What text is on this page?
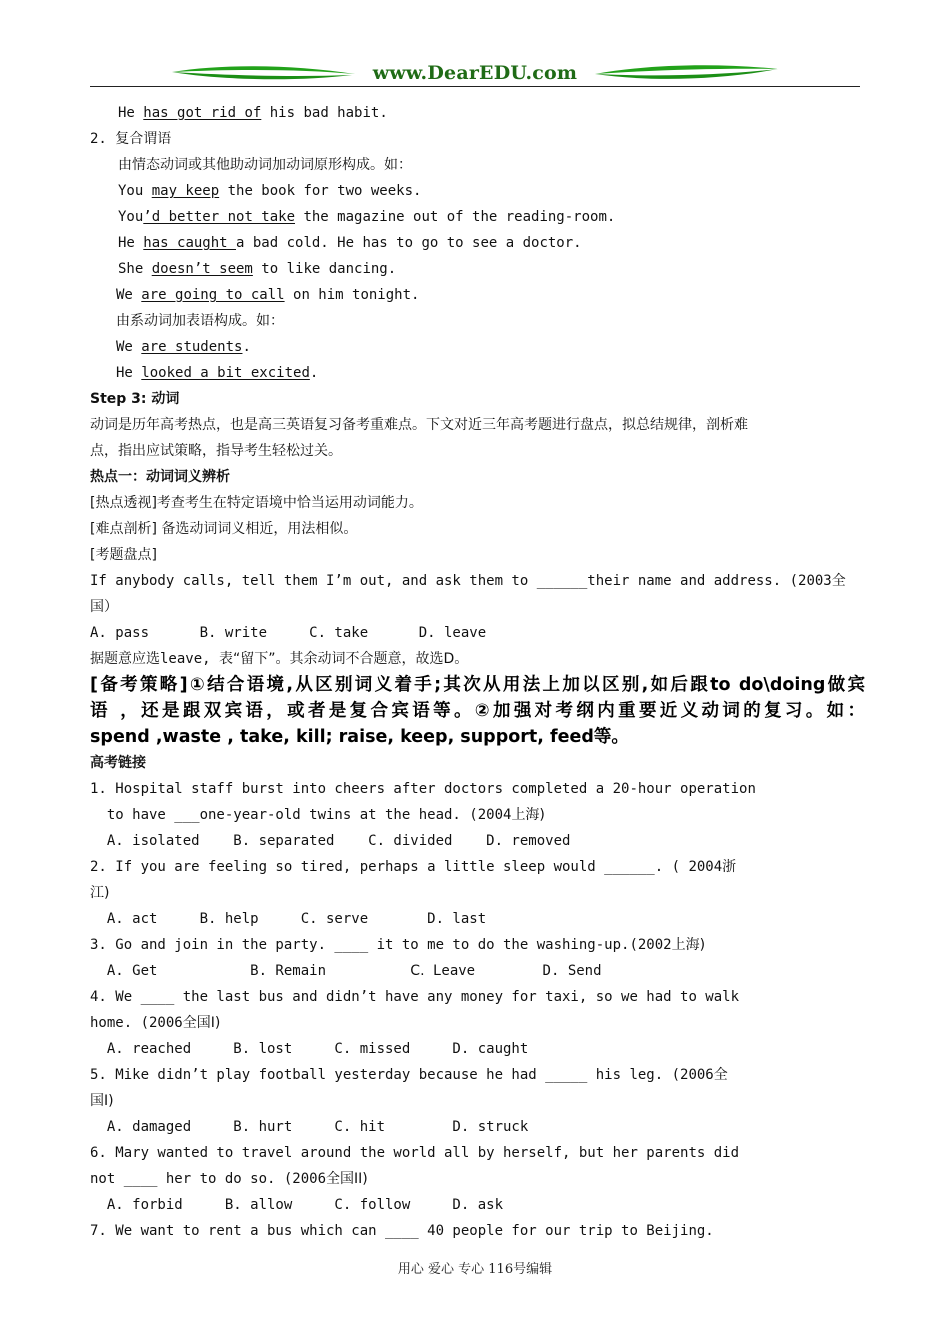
www.DearEDU.com
He has got rid of his bad habit.
2. 复合谓语
由情态动词或其他助动词加动词原形构成。如：
You may keep the book for two weeks.
You’d better not take the magazine out of the reading-room.
He has caught a bad cold. He has to go to see a doctor.
She doesn’t seem to like dancing.
We are going to call on him tonight.
由系动词加表语构成。如：
We are students.
He looked a bit excited.
Step 3: 动词
动词是历年高考热点，也是高三英语复习备考重难点。下文对近三年高考题进行盘点，拟总结规律，剖析难
点，指出应试策略，指导考生轻松过关。
热点一：动词词义辨析
[热点透视]考查考生在特定语境中恰当运用动词能力。
[难点剖析] 备选动词词义相近，用法相似。
[考题盘点]
If anybody calls, tell them I’m out, and ask them to ______their name and address. (2003全
国）
A. pass      B. write     C. take      D. leave
据题意应选leave, 表“留下”。其余动词不合题意，故选D。
[备考策略]①结合语境,从区别词义着手;其次从用法上加以区别,如后跟to do\doing做宾
语 ，还是跟双宾语，或者是复合宾语等。②加强对考纲内重要近义动词的复习。如：
spend ,waste , take, kill; raise, keep, support, feed等。
高考链接
1. Hospital staff burst into cheers after doctors completed a 20-hour operation
to have ___one-year-old twins at the head. (2004上海)
A. isolated    B. separated    C. divided    D. removed
2. If you are feeling so tired, perhaps a little sleep would ______. ( 2004浙
江)
A. act     B. help     C. serve       D. last
3. Go and join in the party. ____ it to me to do the washing-up.(2002上海)
A. Get           B. Remain          C. Leave        D. Send
4. We ____ the last bus and didn’t have any money for taxi, so we had to walk
home. (2006全国I)
A. reached     B. lost     C. missed     D. caught
5. Mike didn’t play football yesterday because he had _____ his leg. (2006全
国I)
A. damaged     B. hurt     C. hit        D. struck
6. Mary wanted to travel around the world all by herself, but her parents did
not ____ her to do so. (2006全国II)
A. forbid     B. allow     C. follow     D. ask
7. We want to rent a bus which can ____ 40 people for our trip to Beijing.
用心 爱心 专心 116号编辑
